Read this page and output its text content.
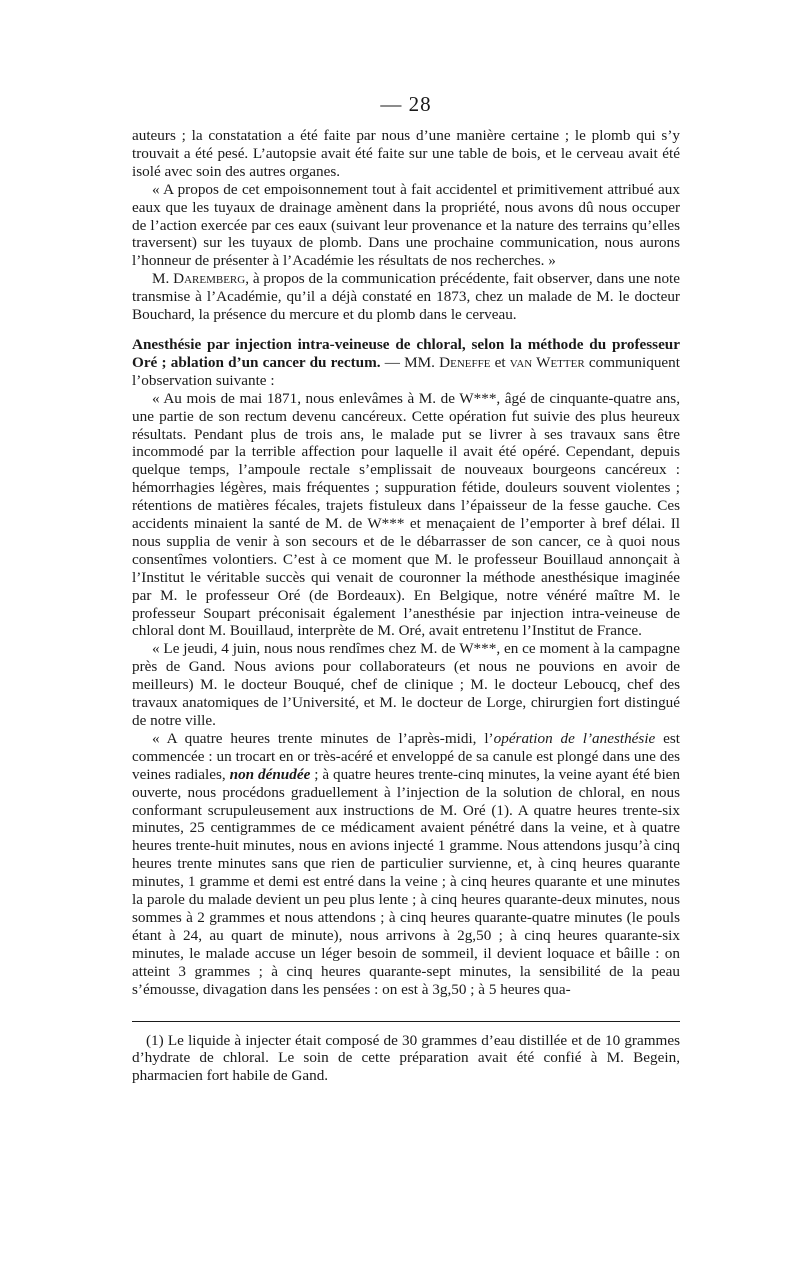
— 28

auteurs ; la constatation a été faite par nous d’une manière certaine ; le plomb qui s’y trouvait a été pesé. L’autopsie avait été faite sur une table de bois, et le cerveau avait été isolé avec soin des autres organes.

« A propos de cet empoisonnement tout à fait accidentel et primitivement attribué aux eaux que les tuyaux de drainage amènent dans la propriété, nous avons dû nous occuper de l’action exercée par ces eaux (suivant leur provenance et la nature des terrains qu’elles traversent) sur les tuyaux de plomb. Dans une prochaine communication, nous aurons l’honneur de présenter à l’Académie les résultats de nos recherches. »

M. Daremberg, à propos de la communication précédente, fait observer, dans une note transmise à l’Académie, qu’il a déjà constaté en 1873, chez un malade de M. le docteur Bouchard, la présence du mercure et du plomb dans le cerveau.

Anesthésie par injection intra-veineuse de chloral, selon la méthode du professeur Oré ; ablation d’un cancer du rectum. — MM. Deneffe et van Wetter communiquent l’observation suivante :

« Au mois de mai 1871, nous enlevâmes à M. de W***, âgé de cinquante-quatre ans, une partie de son rectum devenu cancéreux. Cette opération fut suivie des plus heureux résultats. Pendant plus de trois ans, le malade put se livrer à ses travaux sans être incommodé par la terrible affection pour laquelle il avait été opéré. Cependant, depuis quelque temps, l’ampoule rectale s’emplissait de nouveaux bourgeons cancéreux : hémorrhagies légères, mais fréquentes ; suppuration fétide, douleurs souvent violentes ; rétentions de matières fécales, trajets fistuleux dans l’épaisseur de la fesse gauche. Ces accidents minaient la santé de M. de W*** et menaçaient de l’emporter à bref délai. Il nous supplia de venir à son secours et de le débarrasser de son cancer, ce à quoi nous consentîmes volontiers. C’est à ce moment que M. le professeur Bouillaud annonçait à l’Institut le véritable succès qui venait de couronner la méthode anesthésique imaginée par M. le professeur Oré (de Bordeaux). En Belgique, notre vénéré maître M. le professeur Soupart préconisait également l’anesthésie par injection intra-veineuse de chloral dont M. Bouillaud, interprète de M. Oré, avait entretenu l’Institut de France.

« Le jeudi, 4 juin, nous nous rendîmes chez M. de W***, en ce moment à la campagne près de Gand. Nous avions pour collaborateurs (et nous ne pouvions en avoir de meilleurs) M. le docteur Bouqué, chef de clinique ; M. le docteur Leboucq, chef des travaux anatomiques de l’Université, et M. le docteur de Lorge, chirurgien fort distingué de notre ville.

« A quatre heures trente minutes de l’après-midi, l’opération de l’anesthésie est commencée : un trocart en or très-acéré et enveloppé de sa canule est plongé dans une des veines radiales, non dénudée ; à quatre heures trente-cinq minutes, la veine ayant été bien ouverte, nous procédons graduellement à l’injection de la solution de chloral, en nous conformant scrupuleusement aux instructions de M. Oré (1). A quatre heures trente-six minutes, 25 centigrammes de ce médicament avaient pénétré dans la veine, et à quatre heures trente-huit minutes, nous en avions injecté 1 gramme. Nous attendons jusqu’à cinq heures trente minutes sans que rien de particulier survienne, et, à cinq heures quarante minutes, 1 gramme et demi est entré dans la veine ; à cinq heures quarante et une minutes la parole du malade devient un peu plus lente ; à cinq heures quarante-deux minutes, nous sommes à 2 grammes et nous attendons ; à cinq heures quarante-quatre minutes (le pouls étant à 24, au quart de minute), nous arrivons à 2g,50 ; à cinq heures quarante-six minutes, le malade accuse un léger besoin de sommeil, il devient loquace et bâille : on atteint 3 grammes ; à cinq heures quarante-sept minutes, la sensibilité de la peau s’émousse, divagation dans les pensées : on est à 3g,50 ; à 5 heures qua-

(1) Le liquide à injecter était composé de 30 grammes d’eau distillée et de 10 grammes d’hydrate de chloral. Le soin de cette préparation avait été confié à M. Begein, pharmacien fort habile de Gand.
